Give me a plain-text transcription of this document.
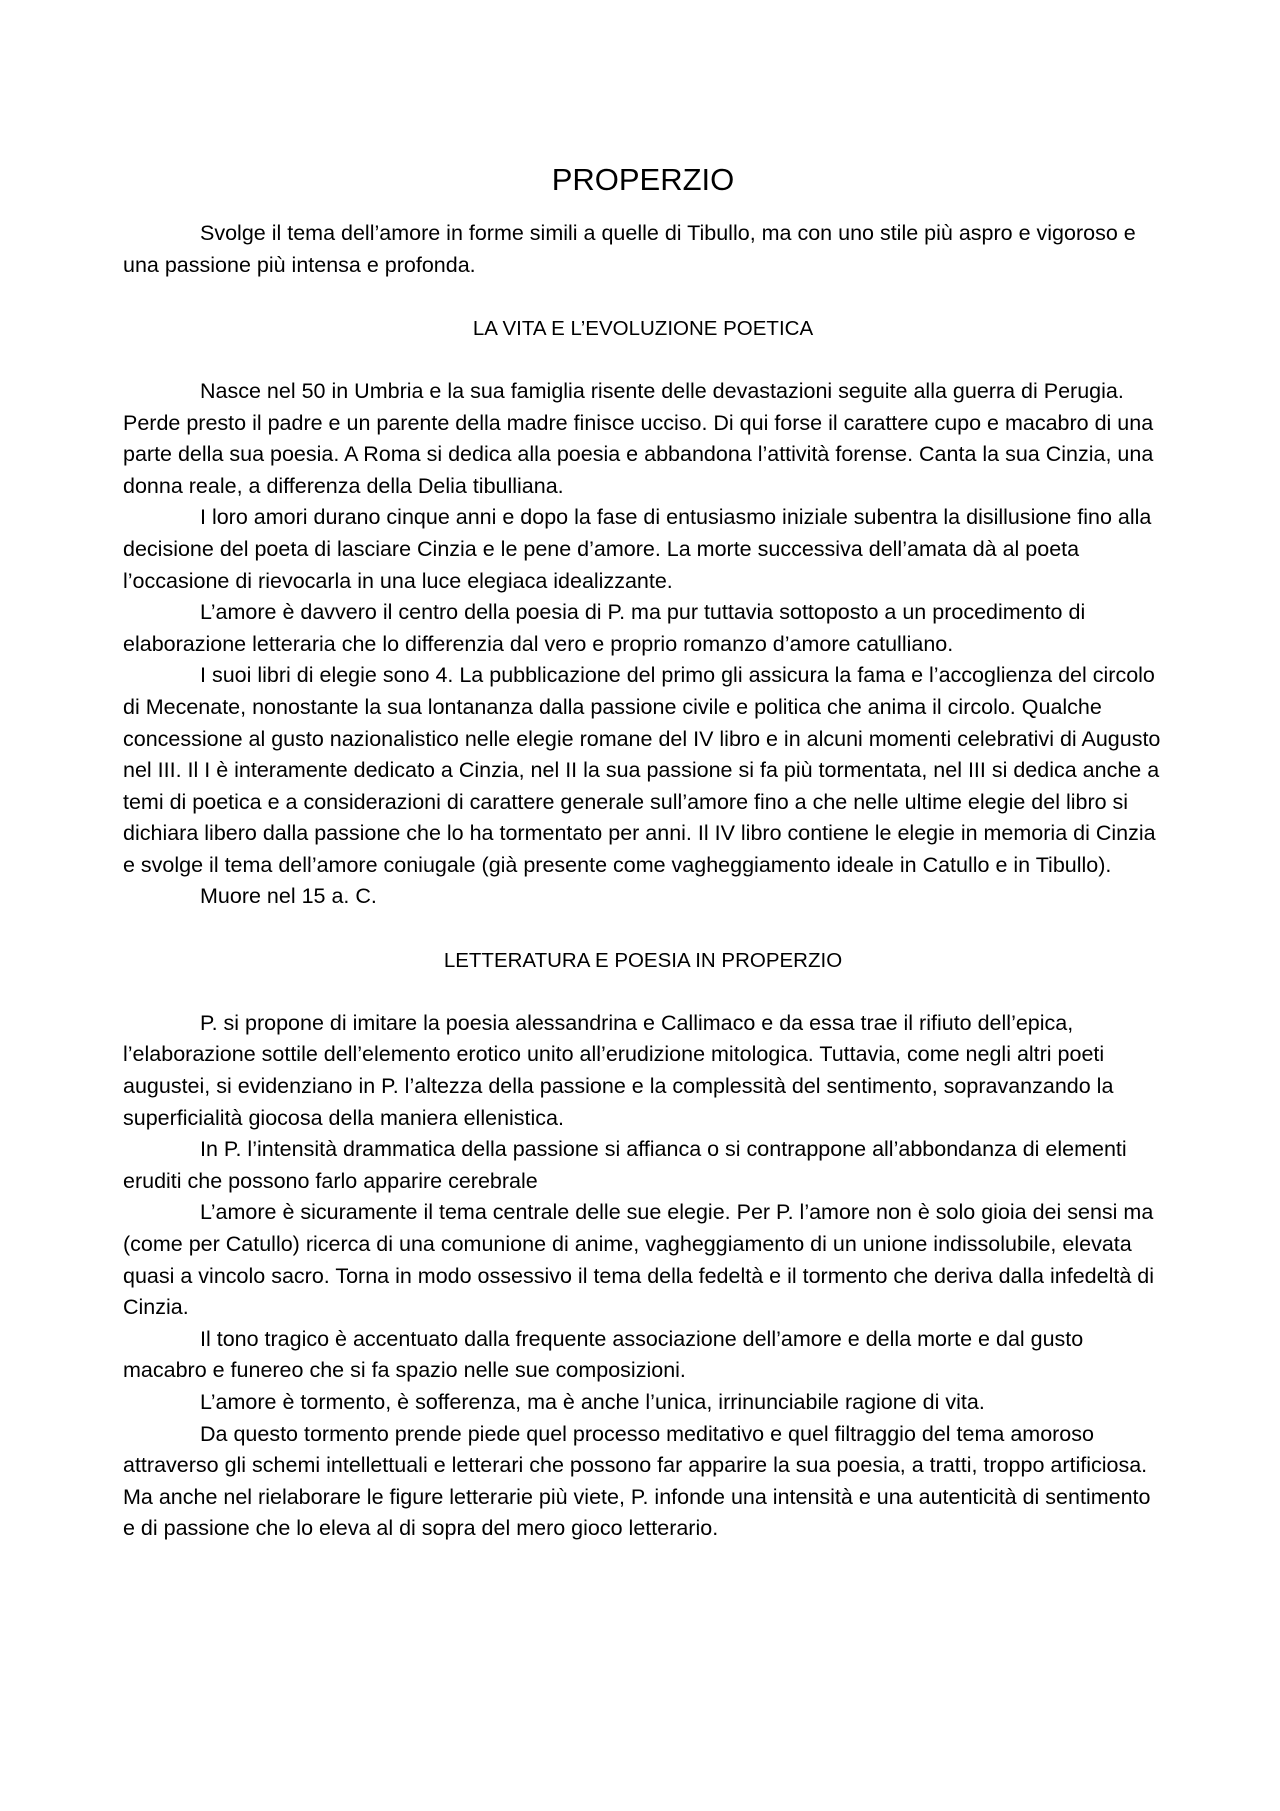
PROPERZIO

Svolge il tema dell’amore in forme simili a quelle di Tibullo, ma con uno stile più aspro e vigoroso e una passione più intensa e profonda.

LA VITA E L’EVOLUZIONE POETICA

Nasce nel 50 in Umbria e la sua famiglia risente delle devastazioni seguite alla guerra di Perugia. Perde presto il padre e un parente della madre finisce ucciso. Di qui forse il carattere cupo e macabro di una parte della sua poesia. A Roma si dedica alla poesia e abbandona l’attività forense. Canta la sua Cinzia, una donna reale, a differenza della Delia tibulliana.

I loro amori durano cinque anni e dopo la fase di entusiasmo iniziale subentra la disillusione fino alla decisione del poeta di lasciare Cinzia e le pene d’amore. La morte successiva dell’amata dà al poeta l’occasione di rievocarla in una luce elegiaca idealizzante.

L’amore è davvero il centro della poesia di P. ma pur tuttavia sottoposto a un procedimento di elaborazione letteraria che lo differenzia dal vero e proprio romanzo d’amore catulliano.

I suoi libri di elegie sono 4. La pubblicazione del primo gli assicura la fama e l’accoglienza del circolo di Mecenate, nonostante la sua lontananza dalla passione civile e politica che anima il circolo. Qualche concessione al gusto nazionalistico nelle elegie romane del IV libro e in alcuni momenti celebrativi di Augusto nel III. Il I è interamente dedicato a Cinzia, nel II la sua passione si fa più tormentata, nel III si dedica anche a temi di poetica e a considerazioni di carattere generale sull’amore fino a che nelle ultime elegie del libro si dichiara libero dalla passione che lo ha tormentato per anni. Il IV libro contiene le elegie in memoria di Cinzia e svolge il tema dell’amore coniugale (già presente come vagheggiamento ideale in Catullo e in Tibullo).

Muore nel 15 a. C.

LETTERATURA E POESIA IN PROPERZIO

P. si propone di imitare la poesia alessandrina e Callimaco e da essa trae il rifiuto dell’epica, l’elaborazione sottile dell’elemento erotico unito all’erudizione mitologica. Tuttavia, come negli altri poeti augustei, si evidenziano in P. l’altezza della passione e la complessità del sentimento, sopravanzando la superficialità giocosa della maniera ellenistica.

In P. l’intensità drammatica della passione si affianca o si contrappone all’abbondanza di elementi eruditi che possono farlo apparire cerebrale

L’amore è sicuramente il tema centrale delle sue elegie. Per P. l’amore non è solo gioia dei sensi ma (come per Catullo) ricerca di una comunione di anime, vagheggiamento di un unione indissolubile, elevata quasi a vincolo sacro. Torna in modo ossessivo il tema della fedeltà e il tormento che deriva dalla infedeltà di Cinzia.

Il tono tragico è accentuato dalla frequente associazione dell’amore e della morte e dal gusto macabro e funereo che si fa spazio nelle sue composizioni.

L’amore è tormento, è sofferenza, ma è anche l’unica, irrinunciabile ragione di vita.

Da questo tormento prende piede quel processo meditativo e quel filtraggio del tema amoroso attraverso gli schemi intellettuali e letterari che possono far apparire la sua poesia, a tratti, troppo artificiosa. Ma anche nel rielaborare le figure letterarie più viete, P. infonde una intensità e una autenticità di sentimento e di passione che lo eleva al di sopra del mero gioco letterario.
